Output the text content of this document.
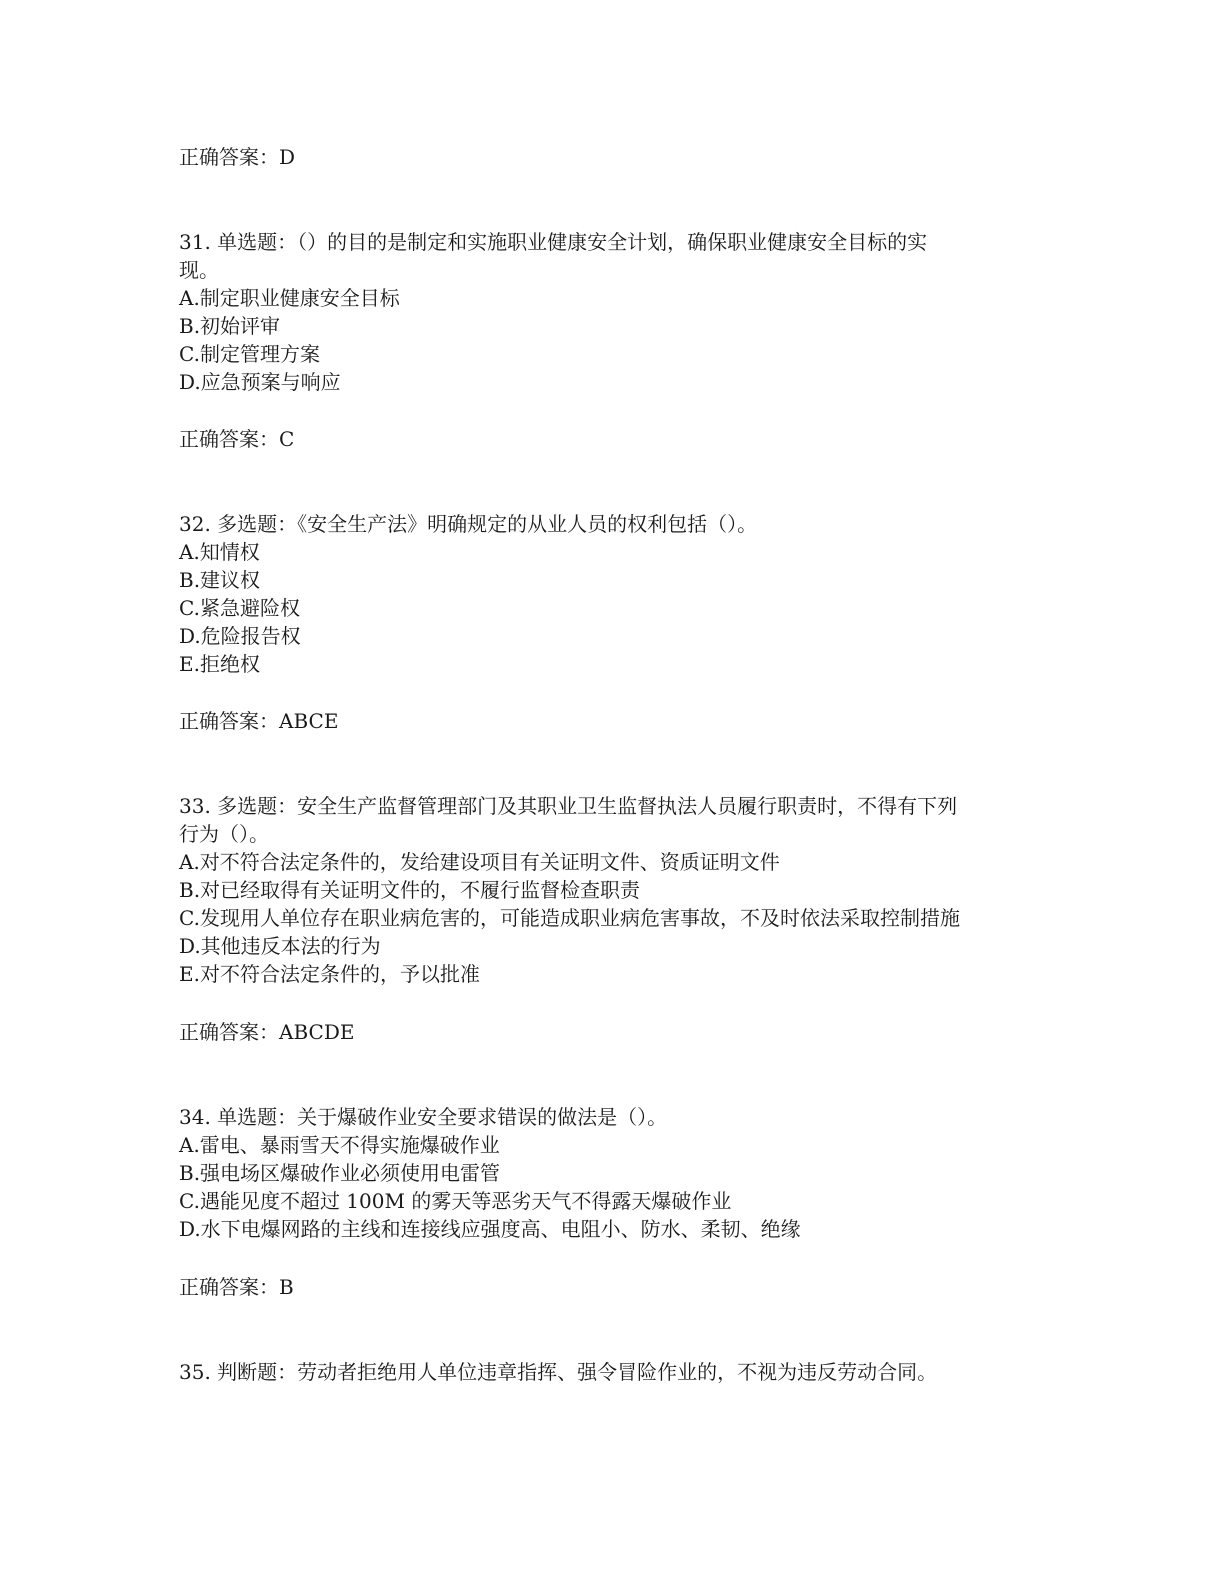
正确答案：D
31. 单选题：（）的目的是制定和实施职业健康安全计划，确保职业健康安全目标的实
现。
A.制定职业健康安全目标
B.初始评审
C.制定管理方案
D.应急预案与响应
正确答案：C
32. 多选题：《安全生产法》明确规定的从业人员的权利包括（）。
A.知情权
B.建议权
C.紧急避险权
D.危险报告权
E.拒绝权
正确答案：ABCE
33. 多选题：安全生产监督管理部门及其职业卫生监督执法人员履行职责时，不得有下列
行为（）。
A.对不符合法定条件的，发给建设项目有关证明文件、资质证明文件
B.对已经取得有关证明文件的，不履行监督检查职责
C.发现用人单位存在职业病危害的，可能造成职业病危害事故，不及时依法采取控制措施
D.其他违反本法的行为
E.对不符合法定条件的，予以批准
正确答案：ABCDE
34. 单选题：关于爆破作业安全要求错误的做法是（）。
A.雷电、暴雨雪天不得实施爆破作业
B.强电场区爆破作业必须使用电雷管
C.遇能见度不超过 100M 的雾天等恶劣天气不得露天爆破作业
D.水下电爆网路的主线和连接线应强度高、电阻小、防水、柔韧、绝缘
正确答案：B
35. 判断题：劳动者拒绝用人单位违章指挥、强令冒险作业的，不视为违反劳动合同。
